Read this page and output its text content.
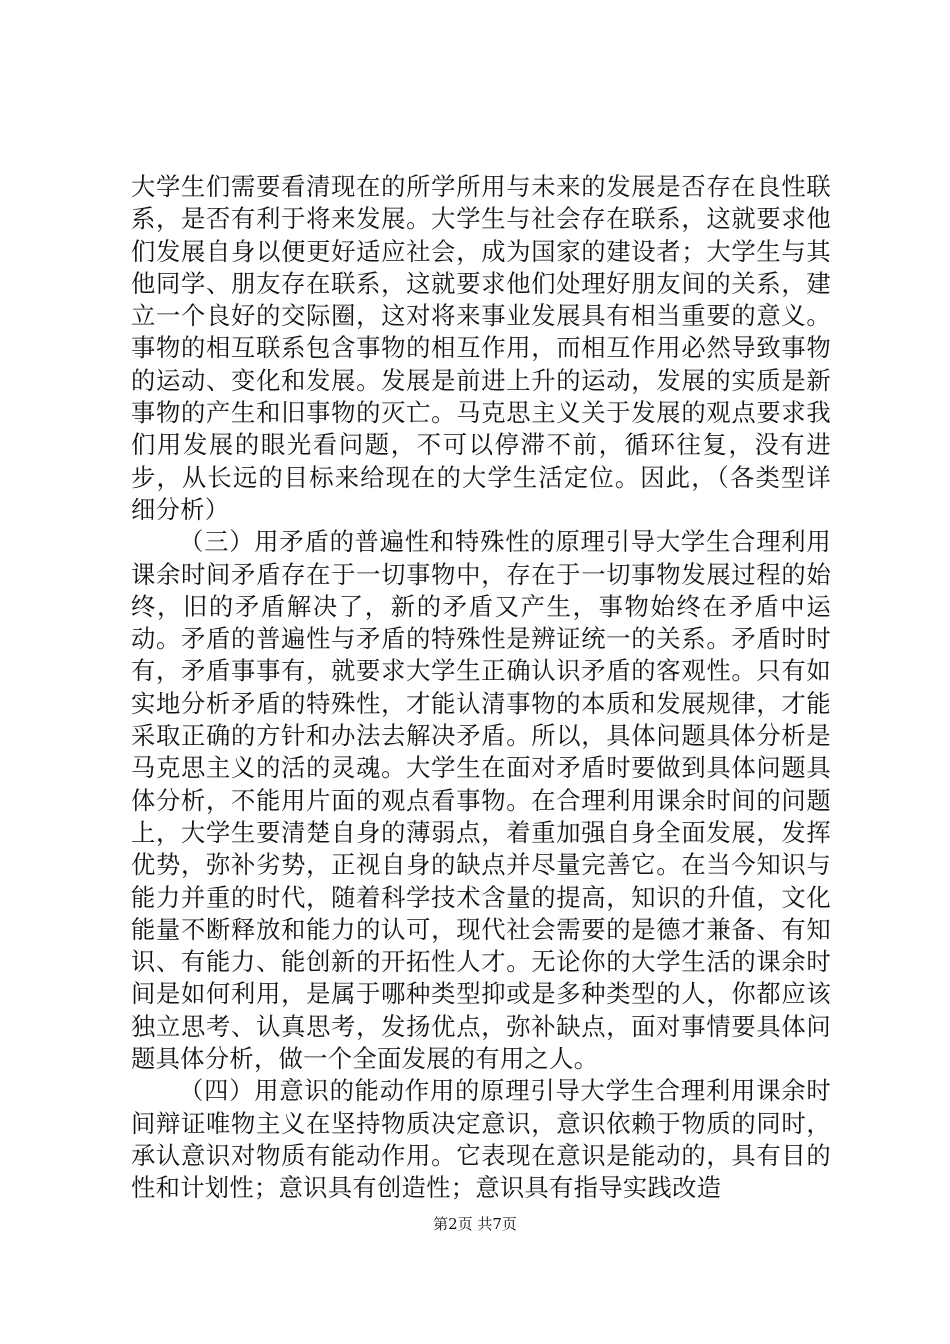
大学生们需要看清现在的所学所用与未来的发展是否存在良性联系，是否有利于将来发展。大学生与社会存在联系，这就要求他们发展自身以便更好适应社会，成为国家的建设者；大学生与其他同学、朋友存在联系，这就要求他们处理好朋友间的关系，建立一个良好的交际圈，这对将来事业发展具有相当重要的意义。事物的相互联系包含事物的相互作用，而相互作用必然导致事物的运动、变化和发展。发展是前进上升的运动，发展的实质是新事物的产生和旧事物的灭亡。马克思主义关于发展的观点要求我们用发展的眼光看问题，不可以停滞不前，循环往复，没有进步，从长远的目标来给现在的大学生活定位。因此，（各类型详细分析）

（三）用矛盾的普遍性和特殊性的原理引导大学生合理利用课余时间矛盾存在于一切事物中，存在于一切事物发展过程的始终，旧的矛盾解决了，新的矛盾又产生，事物始终在矛盾中运动。矛盾的普遍性与矛盾的特殊性是辨证统一的关系。矛盾时时有，矛盾事事有，就要求大学生正确认识矛盾的客观性。只有如实地分析矛盾的特殊性，才能认清事物的本质和发展规律，才能采取正确的方针和办法去解决矛盾。所以，具体问题具体分析是马克思主义的活的灵魂。大学生在面对矛盾时要做到具体问题具体分析，不能用片面的观点看事物。在合理利用课余时间的问题上，大学生要清楚自身的薄弱点，着重加强自身全面发展，发挥优势，弥补劣势，正视自身的缺点并尽量完善它。在当今知识与能力并重的时代，随着科学技术含量的提高，知识的升值，文化能量不断释放和能力的认可，现代社会需要的是德才兼备、有知识、有能力、能创新的开拓性人才。无论你的大学生活的课余时间是如何利用，是属于哪种类型抑或是多种类型的人，你都应该独立思考、认真思考，发扬优点，弥补缺点，面对事情要具体问题具体分析，做一个全面发展的有用之人。

（四）用意识的能动作用的原理引导大学生合理利用课余时间辩证唯物主义在坚持物质决定意识，意识依赖于物质的同时，承认意识对物质有能动作用。它表现在意识是能动的，具有目的性和计划性；意识具有创造性；意识具有指导实践改造

第2页 共7页
